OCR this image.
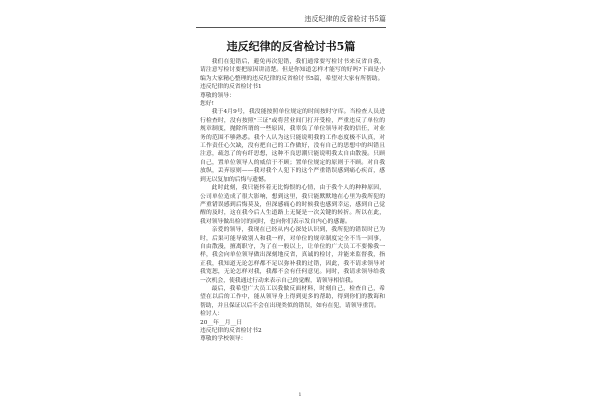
违反纪律的反省检讨书5篇
违反纪律的反省检讨书5篇

我们在犯错后，避免再次犯错，我们通常要写检讨书来反省自我，请注意写检讨要把原因讲清楚。但是你知道怎样才能写的好吗?下面是小编为大家精心整理的违反纪律的反省检讨书5篇，希望对大家有所帮助。

违反纪律的反省检讨书1

尊敬的领导：

您好!

我于4月9号，我没能按照单位规定的时间按时守库。当检查人员进行检查时，没有按照"三证"或将营业间门打开受检，严重违反了单位的规章制度，抛除所谓的一些原因，我辜负了单位领导对我的信任，对业务的范围不够熟悉。我个人认为这只能说明我的工作态度极不认真，对工作责任心欠缺，没有把自己的工作做好，没有自己的思想中的纠错且注意，疏忽了的有纤思想，这种不良思潮只能说明我太自由散漫。只顾自己，置单位领导人的威信于不顾；置单位规定的原则于不顾。对自我放纵，丢弃原则——我对我个人犯下的这个严重错误感到痛心疾首，感到无以复加的后悔与遗憾。

此时此刻，我只能怀着无比悔恨的心情，由于我个人的种种原因，公司单位造成了很大影响，想到这里，我只能默默地在心里为我所犯的严重错误感到后悔莫及，但深感痛心的时候我也感到幸运，感到自己觉醒的及时，这在我今后人生道路上无疑是一次关键的转折。所以在此，我对领导做出检讨的同时，也向你们表示发自内心的感谢。

亲爱的领导，我现在已经从内心深处认识到，我所犯的错误时已为时，后果可能导致别人和我一样，对单位的规章制度完全不当一回事，自由散漫，擅离职守，为了在一般以上，让单位的广大员工不要像我一样，我会向单位领导做出深刻地反省，真诚的检讨，并能来监督我，指正我，我知道无论怎样都不足以弥补我的过错，因此，我不请求领导对我宽恕，无论怎样对我，我都不会有任何意见。同时，我请求领导给我一次机会，使我通过行动来表示自己的觉醒，请领导相信我。

最后，我希望广大员工以我做反面材料，时刻自己，检查自己，希望在以后的工作中，能从领导身上得到更多的帮助，得到你们的教诲和帮助，并且保证以后不会在出现类似的错误，如有在犯，请领导重罚。

检讨人：

20__年__月__日

违反纪律的反省检讨书2

尊敬的学校领导：

1
